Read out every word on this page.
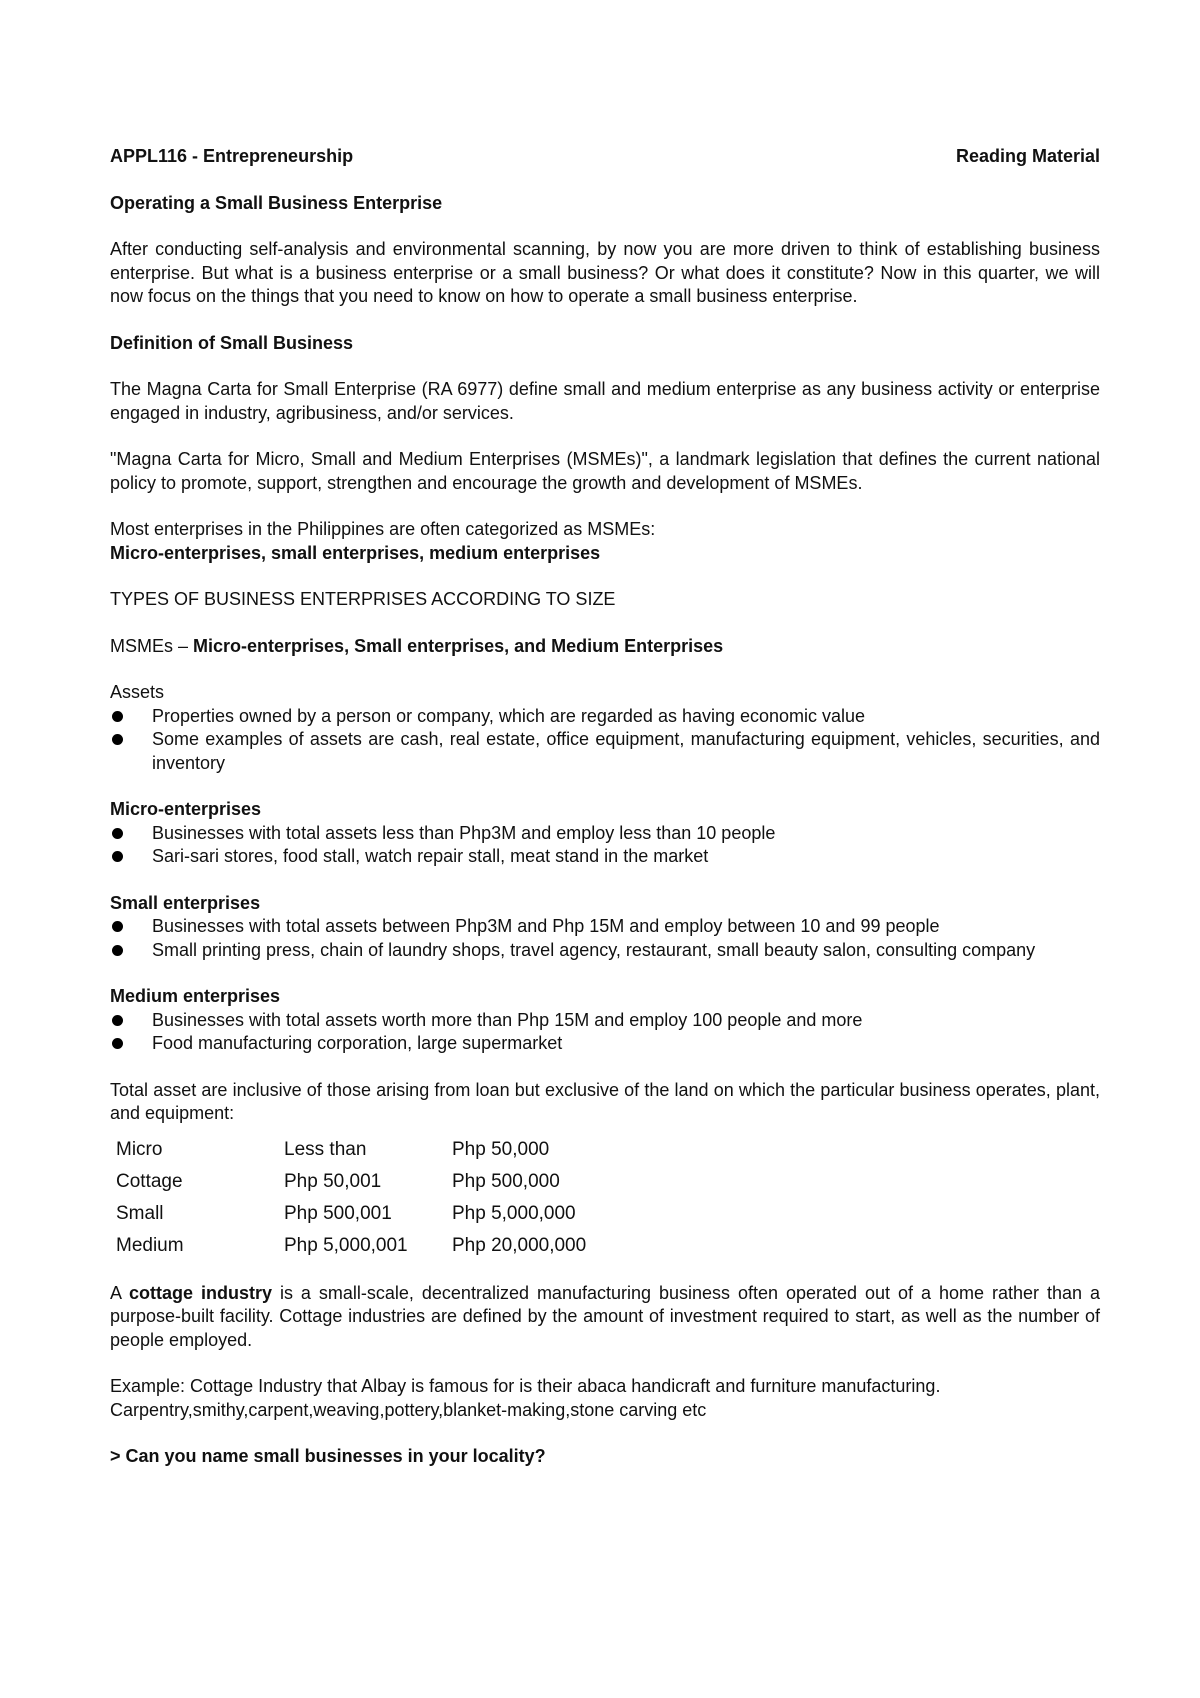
APPL116 - Entrepreneurship	Reading Material

Operating a Small Business Enterprise

After conducting self-analysis and environmental scanning, by now you are more driven to think of establishing business enterprise. But what is a business enterprise or a small business? Or what does it constitute? Now in this quarter, we will now focus on the things that you need to know on how to operate a small business enterprise.

Definition of Small Business

The Magna Carta for Small Enterprise (RA 6977) define small and medium enterprise as any business activity or enterprise engaged in industry, agribusiness, and/or services.

"Magna Carta for Micro, Small and Medium Enterprises (MSMEs)", a landmark legislation that defines the current national policy to promote, support, strengthen and encourage the growth and development of MSMEs.

Most enterprises in the Philippines are often categorized as MSMEs:
Micro-enterprises, small enterprises, medium enterprises

TYPES OF BUSINESS ENTERPRISES ACCORDING TO SIZE

MSMEs – Micro-enterprises, Small enterprises, and Medium Enterprises

Assets

Properties owned by a person or company, which are regarded as having economic value
Some examples of assets are cash, real estate, office equipment, manufacturing equipment, vehicles, securities, and inventory

Micro-enterprises

Businesses with total assets less than Php3M and employ less than 10 people
Sari-sari stores, food stall, watch repair stall, meat stand in the market

Small enterprises

Businesses with total assets between Php3M and Php 15M and employ between 10 and 99 people
Small printing press, chain of laundry shops, travel agency, restaurant, small beauty salon, consulting company

Medium enterprises

Businesses with total assets worth more than Php 15M and employ 100 people and more
Food manufacturing corporation, large supermarket

Total asset are inclusive of those arising from loan but exclusive of the land on which the particular business operates, plant, and equipment:

Micro	Less than	Php 50,000
Cottage	Php 50,001	Php 500,000
Small	Php 500,001	Php 5,000,000
Medium	Php 5,000,001	Php 20,000,000

A cottage industry is a small-scale, decentralized manufacturing business often operated out of a home rather than a purpose-built facility. Cottage industries are defined by the amount of investment required to start, as well as the number of people employed.

Example: Cottage Industry that Albay is famous for is their abaca handicraft and furniture manufacturing.
Carpentry,smithy,carpent,weaving,pottery,blanket-making,stone carving etc

> Can you name small businesses in your locality?
